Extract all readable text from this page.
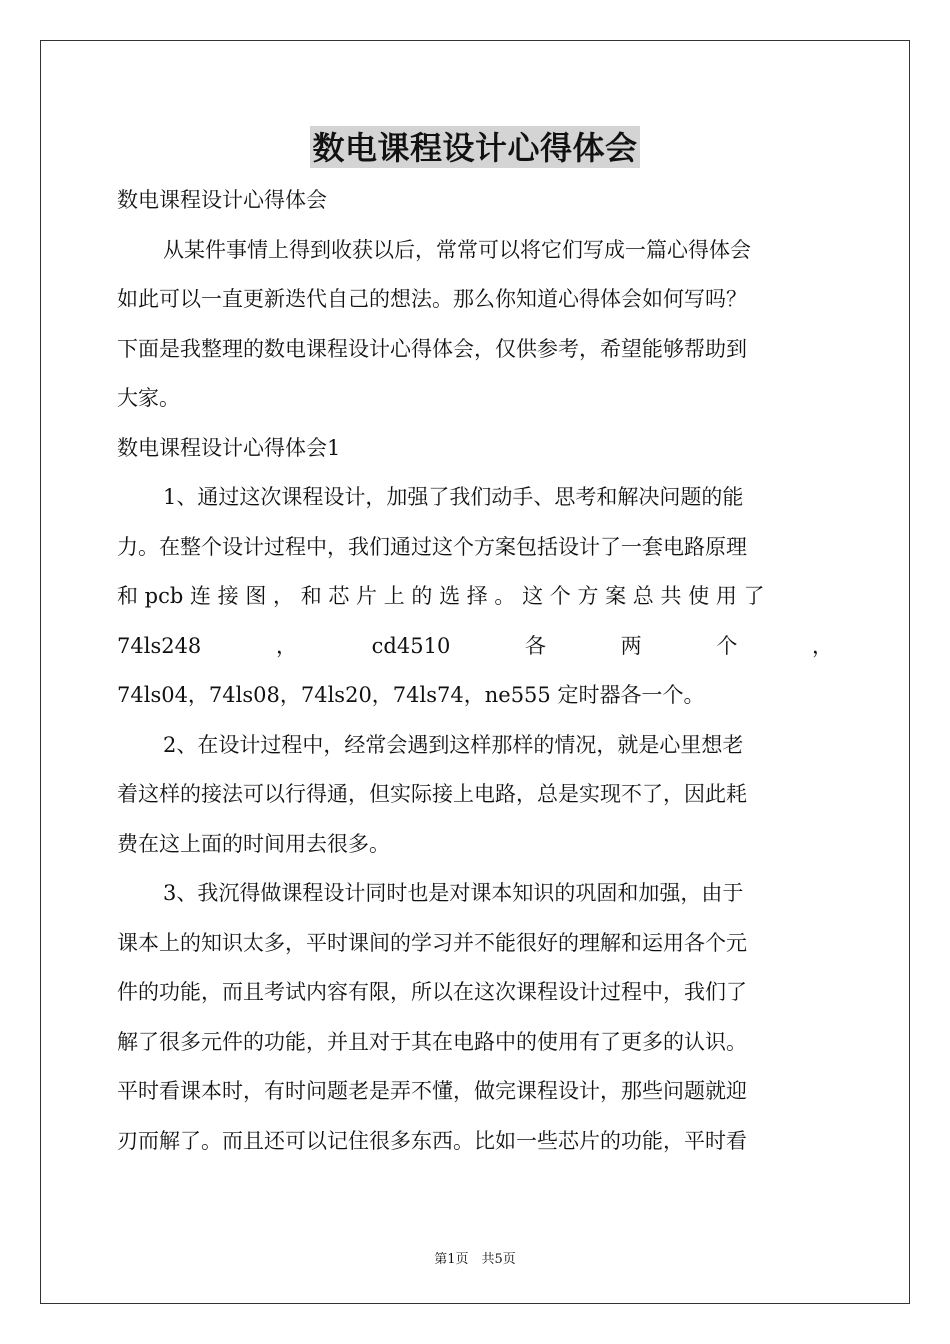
数电课程设计心得体会
数电课程设计心得体会
从某件事情上得到收获以后，常常可以将它们写成一篇心得体会
如此可以一直更新迭代自己的想法。那么你知道心得体会如何写吗？
下面是我整理的数电课程设计心得体会，仅供参考，希望能够帮助到
大家。
数电课程设计心得体会1
1、通过这次课程设计，加强了我们动手、思考和解决问题的能
力。在整个设计过程中，我们通过这个方案包括设计了一套电路原理
和 pcb 连 接 图 ， 和 芯 片 上 的 选 择 。 这 个 方 案 总 共 使 用 了
74ls248	，	cd4510	各	两	个	，
74ls04，74ls08，74ls20，74ls74，ne555 定时器各一个。
2、在设计过程中，经常会遇到这样那样的情况，就是心里想老
着这样的接法可以行得通，但实际接上电路，总是实现不了，因此耗
费在这上面的时间用去很多。
3、我沉得做课程设计同时也是对课本知识的巩固和加强，由于
课本上的知识太多，平时课间的学习并不能很好的理解和运用各个元
件的功能，而且考试内容有限，所以在这次课程设计过程中，我们了
解了很多元件的功能，并且对于其在电路中的使用有了更多的认识。
平时看课本时，有时问题老是弄不懂，做完课程设计，那些问题就迎
刃而解了。而且还可以记住很多东西。比如一些芯片的功能，平时看
第1页　共5页
